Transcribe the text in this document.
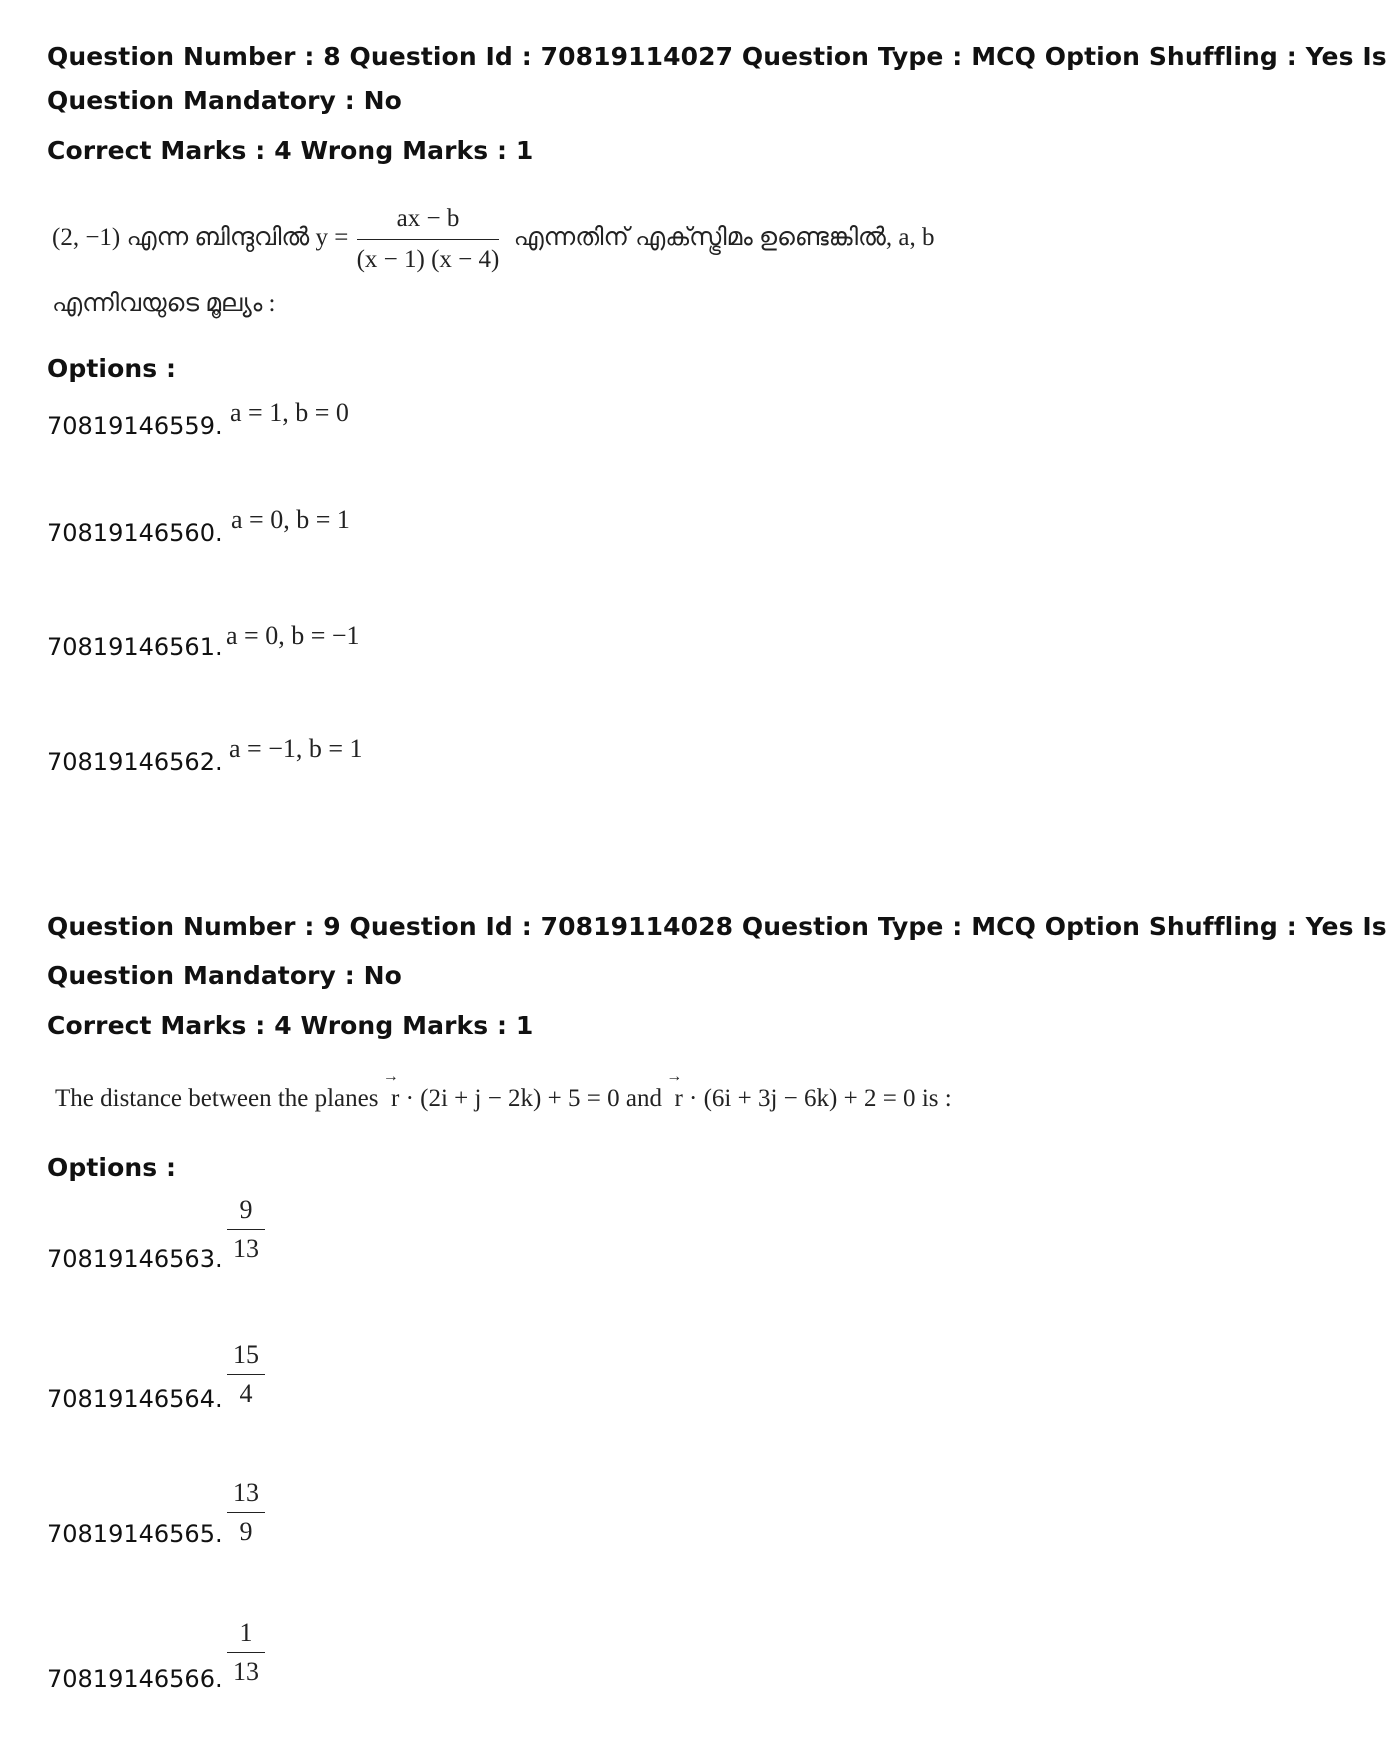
Question Number : 8 Question Id : 70819114027 Question Type : MCQ Option Shuffling : Yes Is
Question Mandatory : No
Correct Marks : 4 Wrong Marks : 1
(2, −1) എന്ന ബിന്ദുവിൽ $y = \frac{ax - b}{(x - 1) (x - 4)}$ എന്നതിന് എക്സ്ട്രിമം ഉണ്ടെങ്കിൽ, a, b
എന്നിവയുടെ മൂല്യം :
Options :
70819146559. a = 1, b = 0
70819146560. a = 0, b = 1
70819146561. a = 0, b = −1
70819146562. a = −1, b = 1
Question Number : 9 Question Id : 70819114028 Question Type : MCQ Option Shuffling : Yes Is
Question Mandatory : No
Correct Marks : 4 Wrong Marks : 1
The distance between the planes →  r · (2i + j − 2k) + 5 = 0 and →  r · (6i + 3j − 6k) + 2 = 0 is :
Options :
$\frac{9}{13}$
70819146563.
$\frac{15}{4}$
70819146564.
$\frac{13}{9}$
70819146565.
$\frac{1}{13}$
70819146566.
